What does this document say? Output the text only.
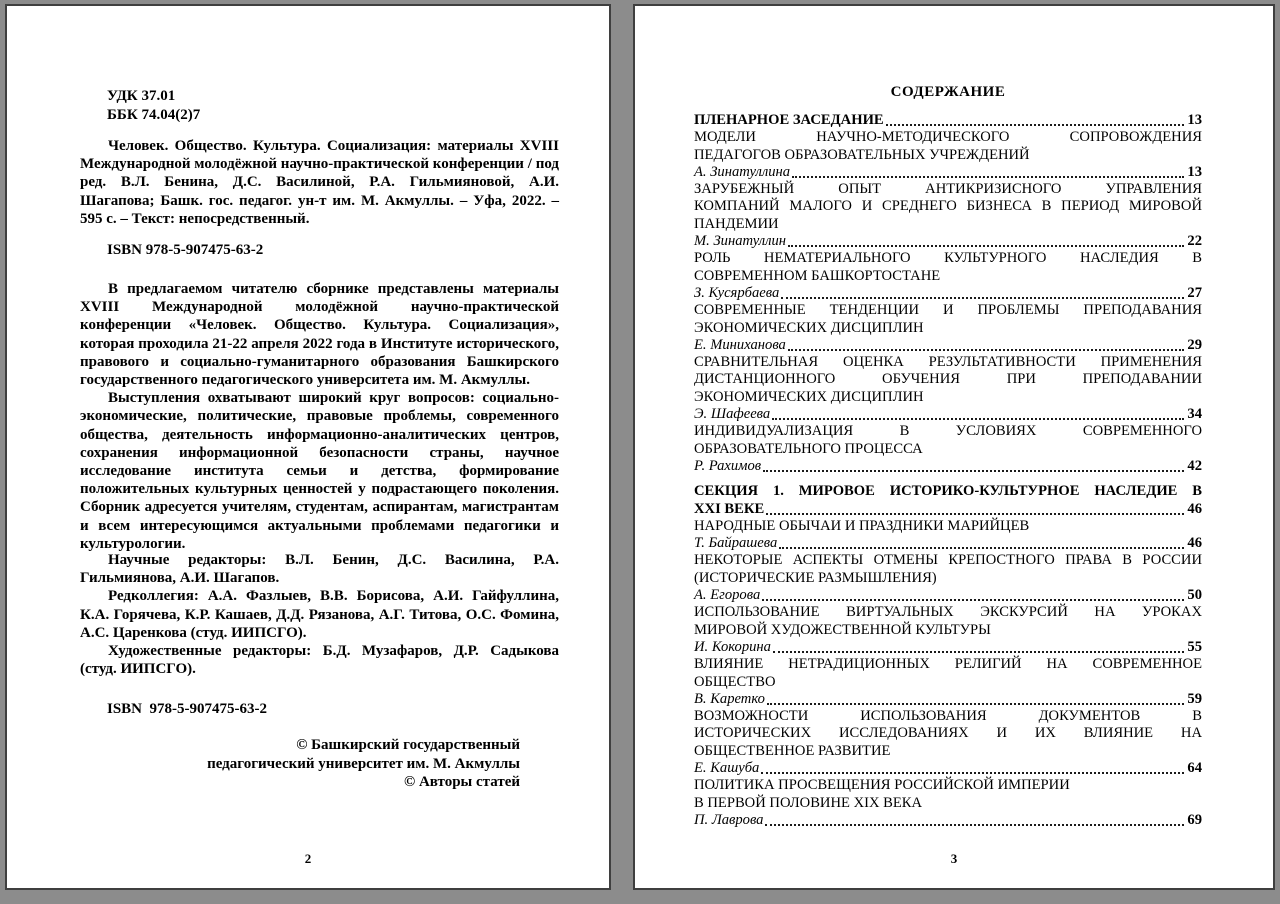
УДК 37.01
ББК 74.04(2)7

Человек. Общество. Культура. Социализация: материалы XVIII Международной молодёжной научно-практической конференции / под ред. В.Л. Бенина, Д.С. Василиной, Р.А. Гильмияновой, А.И. Шагапова; Башк. гос. педагог. ун-т им. М. Акмуллы. – Уфа, 2022. – 595 с. – Текст: непосредственный.

ISBN 978-5-907475-63-2

В предлагаемом читателю сборнике представлены материалы XVIII Международной молодёжной научно-практической конференции «Человек. Общество. Культура. Социализация», которая проходила 21-22 апреля 2022 года в Институте исторического, правового и социально-гуманитарного образования Башкирского государственного педагогического университета им. М. Акмуллы.

Выступления охватывают широкий круг вопросов: социально-экономические, политические, правовые проблемы, современного общества, деятельность информационно-аналитических центров, сохранения информационной безопасности страны, научное исследование института семьи и детства, формирование положительных культурных ценностей у подрастающего поколения. Сборник адресуется учителям, студентам, аспирантам, магистрантам и всем интересующимся актуальными проблемами педагогики и культурологии.

Научные редакторы: В.Л. Бенин, Д.С. Василина, Р.А. Гильмиянова, А.И. Шагапов.

Редколлегия: А.А. Фазлыев, В.В. Борисова, А.И. Гайфуллина, К.А. Горячева, К.Р. Кашаев, Д.Д. Рязанова, А.Г. Титова, О.С. Фомина, А.С. Царенкова (студ. ИИПСГО).

Художественные редакторы: Б.Д. Музафаров, Д.Р. Садыкова (студ. ИИПСГО).

ISBN  978-5-907475-63-2
© Башкирский государственный
педагогический университет им. М. Акмуллы
© Авторы статей
2
СОДЕРЖАНИЕ
ПЛЕНАРНОЕ ЗАСЕДАНИЕ	13
МОДЕЛИ НАУЧНО-МЕТОДИЧЕСКОГО СОПРОВОЖДЕНИЯ
ПЕДАГОГОВ ОБРАЗОВАТЕЛЬНЫХ УЧРЕЖДЕНИЙ
А. Зинатуллина	13
ЗАРУБЕЖНЫЙ ОПЫТ АНТИКРИЗИСНОГО УПРАВЛЕНИЯ
КОМПАНИЙ МАЛОГО И СРЕДНЕГО БИЗНЕСА В ПЕРИОД МИРОВОЙ
ПАНДЕМИИ
М. Зинатуллин	22
РОЛЬ НЕМАТЕРИАЛЬНОГО КУЛЬТУРНОГО НАСЛЕДИЯ В
СОВРЕМЕННОМ БАШКОРТОСТАНЕ
З. Кусярбаева	27
СОВРЕМЕННЫЕ ТЕНДЕНЦИИ И ПРОБЛЕМЫ ПРЕПОДАВАНИЯ
ЭКОНОМИЧЕСКИХ ДИСЦИПЛИН
Е. Миниханова	29
СРАВНИТЕЛЬНАЯ ОЦЕНКА РЕЗУЛЬТАТИВНОСТИ ПРИМЕНЕНИЯ
ДИСТАНЦИОННОГО ОБУЧЕНИЯ ПРИ ПРЕПОДАВАНИИ
ЭКОНОМИЧЕСКИХ ДИСЦИПЛИН
Э. Шафеева	34
ИНДИВИДУАЛИЗАЦИЯ В УСЛОВИЯХ СОВРЕМЕННОГО
ОБРАЗОВАТЕЛЬНОГО ПРОЦЕССА
Р. Рахимов	42
СЕКЦИЯ 1. МИРОВОЕ ИСТОРИКО-КУЛЬТУРНОЕ НАСЛЕДИЕ В
XXI ВЕКЕ	46
НАРОДНЫЕ ОБЫЧАИ И ПРАЗДНИКИ МАРИЙЦЕВ
Т. Байрашева	46
НЕКОТОРЫЕ АСПЕКТЫ ОТМЕНЫ КРЕПОСТНОГО ПРАВА В РОССИИ
(ИСТОРИЧЕСКИЕ РАЗМЫШЛЕНИЯ)
А. Егорова	50
ИСПОЛЬЗОВАНИЕ ВИРТУАЛЬНЫХ ЭКСКУРСИЙ НА УРОКАХ
МИРОВОЙ ХУДОЖЕСТВЕННОЙ КУЛЬТУРЫ
И. Кокорина	55
ВЛИЯНИЕ НЕТРАДИЦИОННЫХ РЕЛИГИЙ НА СОВРЕМЕННОЕ
ОБЩЕСТВО
В. Каретко	59
ВОЗМОЖНОСТИ ИСПОЛЬЗОВАНИЯ ДОКУМЕНТОВ В
ИСТОРИЧЕСКИХ ИССЛЕДОВАНИЯХ И ИХ ВЛИЯНИЕ НА
ОБЩЕСТВЕННОЕ РАЗВИТИЕ
Е. Кашуба	64
ПОЛИТИКА ПРОСВЕЩЕНИЯ РОССИЙСКОЙ ИМПЕРИИ
В ПЕРВОЙ ПОЛОВИНЕ XIX ВЕКА
П. Лаврова	69
3
